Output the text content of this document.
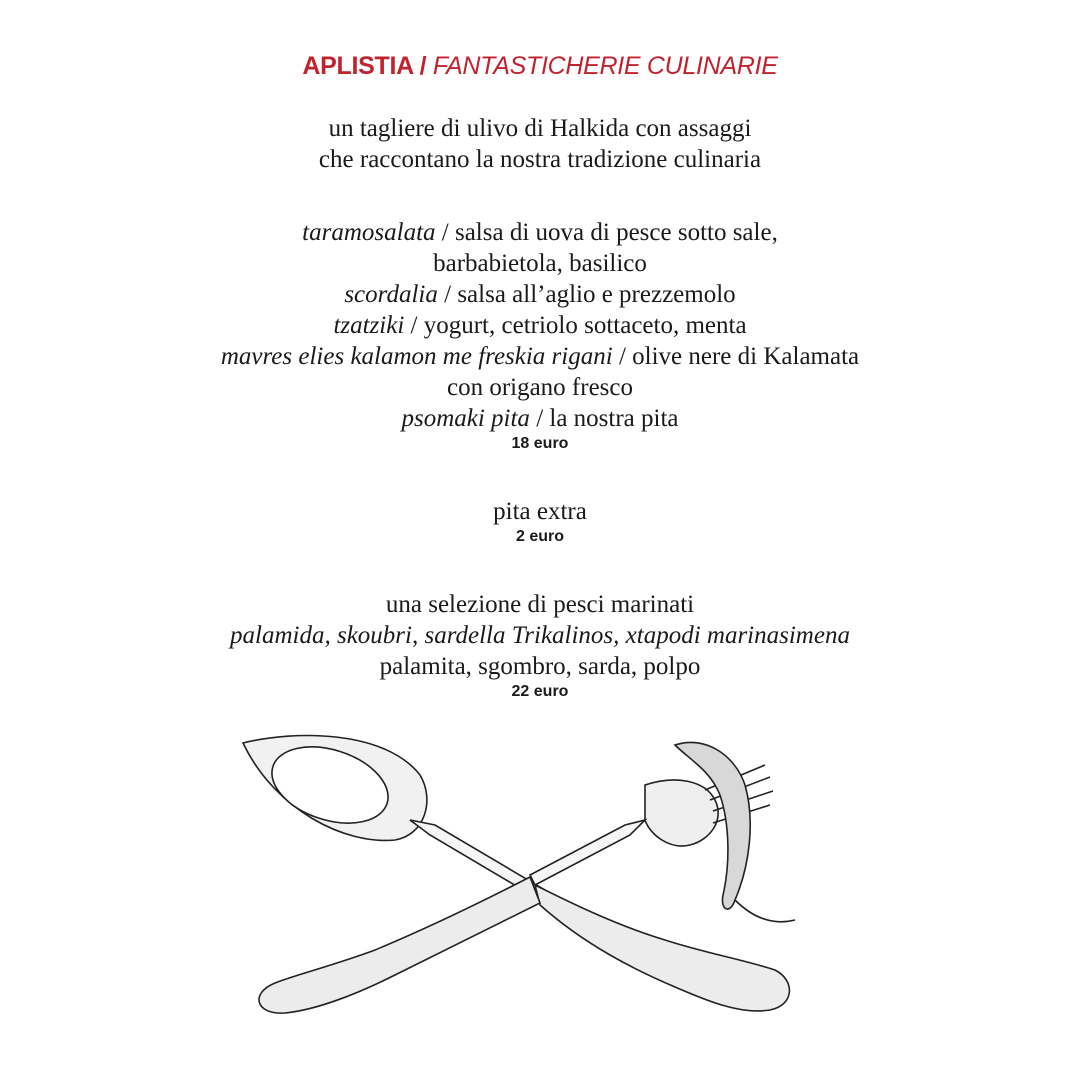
APLISTIA / FANTASTICHERIE CULINARIE
un tagliere di ulivo di Halkida con assaggi
che raccontano la nostra tradizione culinaria
taramosalata / salsa di uova di pesce sotto sale,
barbabietola, basilico
scordalia / salsa all’aglio e prezzemolo
tzatziki / yogurt, cetriolo sottaceto, menta
mavres elies kalamon me freskia rigani / olive nere di Kalamata
con origano fresco
psomaki pita / la nostra pita
18 euro
pita extra
2 euro
una selezione di pesci marinati
palamida, skoubri, sardella Trikalinos, xtapodi marinasimena
palamita, sgombro, sarda, polpo
22 euro
